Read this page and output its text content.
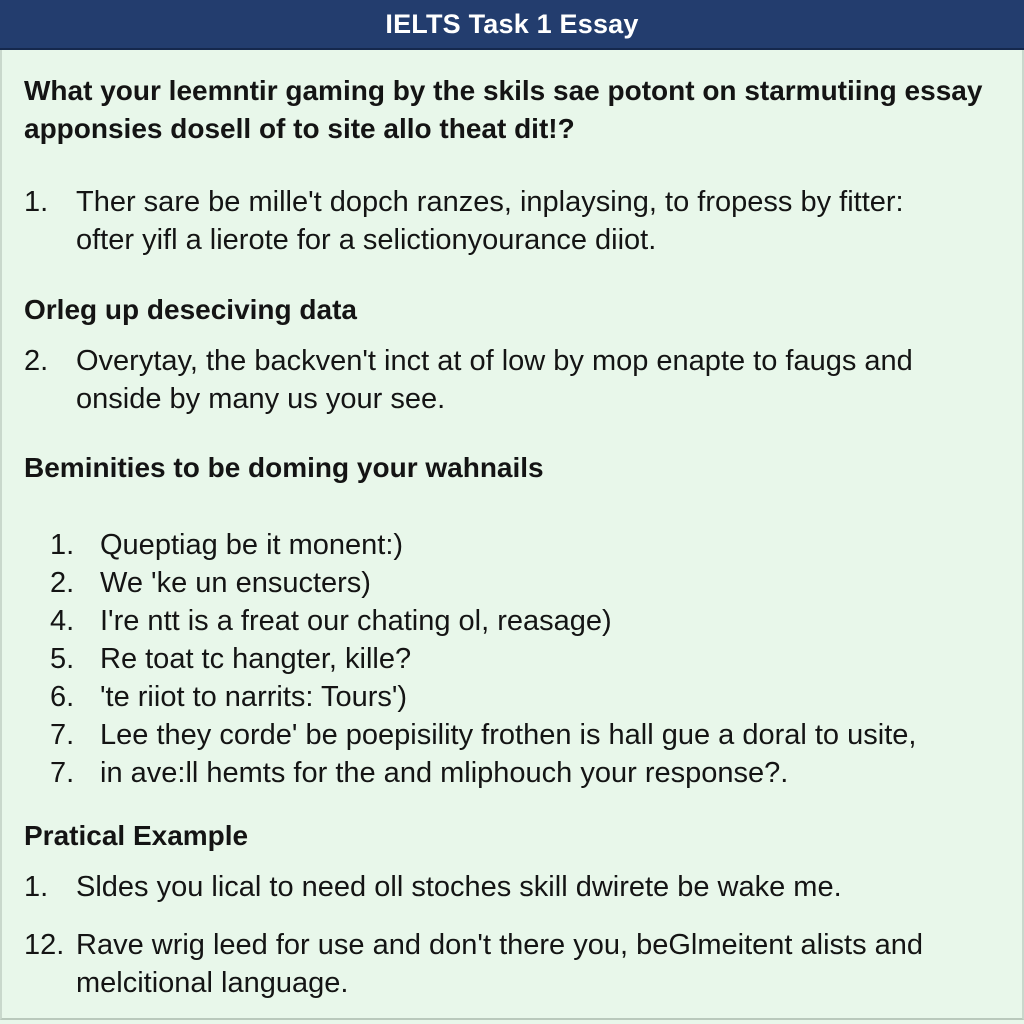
IELTS Task 1 Essay
What your leemntir gaming by the skils sae potont on starmutiing essay apponsies dosell of to site allo theat dit!?
1. Ther sare be mille't dopch ranzes, inplaysing, to fropess by fitter:
ofter yifl a lierote for a selictionyourance diiot.
Orleg up deseciving data
2. Overytay, the backven't inct at of low by mop enapte to faugs and
onside by many us your see.
Beminities to be doming your wahnails
1. Queptiag be it monent:)
2. We 'ke un ensucters)
4. I're ntt is a freat our chating ol, reasage)
5. Re toat tc hangter, kille?
6. 'te riiot to narrits: Tours')
7. Lee they corde' be poepisility frothen is hall gue a doral to usite,
7. in ave:ll hemts for the and mliphouch your response?.
Pratical Example
1. Sldes you lical to need oll stoches skill dwirete be wake me.
12. Rave wrig leed for use and don't there you, beGlmeitent alists and
melcitional language.
